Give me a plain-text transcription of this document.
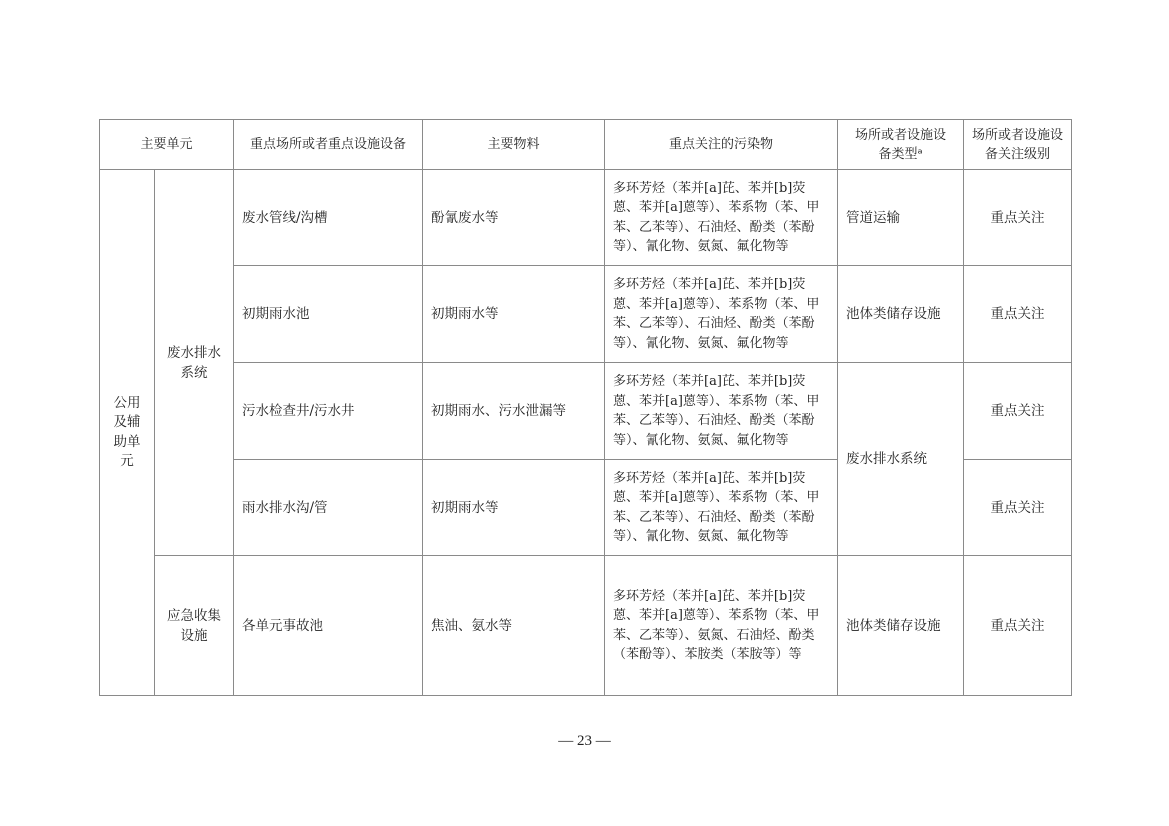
主要单元		重点场所或者重点设施设备	主要物料	重点关注的污染物	场所或者设施设备类型ᵃ	场所或者设施设备关注级别
公用及辅助单元	废水排水系统	废水管线/沟槽	酚氰废水等	多环芳烃（苯并[a]芘、苯并[b]荧蒽、苯并[a]蒽等）、苯系物（苯、甲苯、乙苯等）、石油烃、酚类（苯酚等）、氰化物、氨氮、氟化物等	管道运输	重点关注
		初期雨水池	初期雨水等	多环芳烃（苯并[a]芘、苯并[b]荧蒽、苯并[a]蒽等）、苯系物（苯、甲苯、乙苯等）、石油烃、酚类（苯酚等）、氰化物、氨氮、氟化物等	池体类储存设施	重点关注
		污水检查井/污水井	初期雨水、污水泄漏等	多环芳烃（苯并[a]芘、苯并[b]荧蒽、苯并[a]蒽等）、苯系物（苯、甲苯、乙苯等）、石油烃、酚类（苯酚等）、氰化物、氨氮、氟化物等	废水排水系统	重点关注
		雨水排水沟/管	初期雨水等	多环芳烃（苯并[a]芘、苯并[b]荧蒽、苯并[a]蒽等）、苯系物（苯、甲苯、乙苯等）、石油烃、酚类（苯酚等）、氰化物、氨氮、氟化物等		重点关注
	应急收集设施	各单元事故池	焦油、氨水等	多环芳烃（苯并[a]芘、苯并[b]荧蒽、苯并[a]蒽等）、苯系物（苯、甲苯、乙苯等）、氨氮、石油烃、酚类（苯酚等）、苯胺类（苯胺等）等	池体类储存设施	重点关注
— 23 —
